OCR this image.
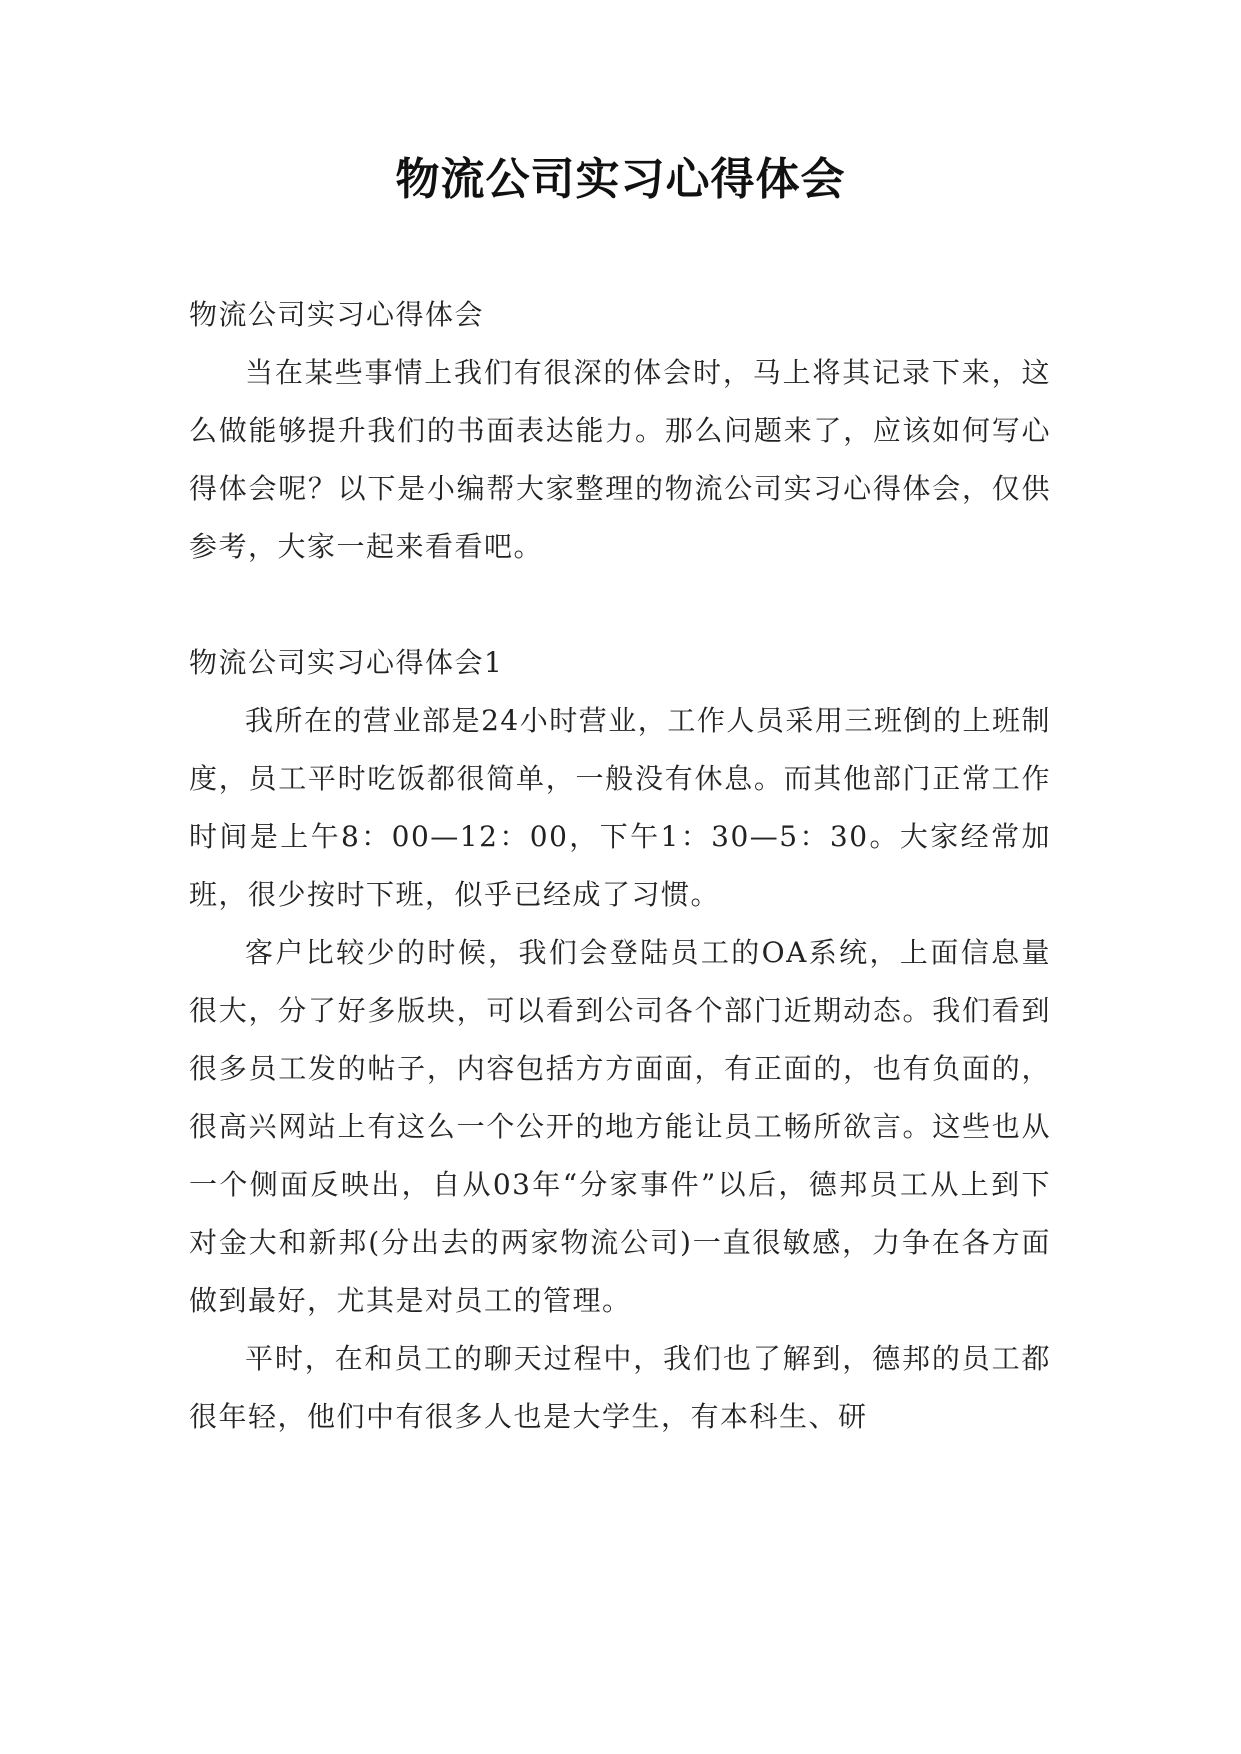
物流公司实习心得体会

物流公司实习心得体会

当在某些事情上我们有很深的体会时，马上将其记录下来，这么做能够提升我们的书面表达能力。那么问题来了，应该如何写心得体会呢？以下是小编帮大家整理的物流公司实习心得体会，仅供参考，大家一起来看看吧。

物流公司实习心得体会1

我所在的营业部是24小时营业，工作人员采用三班倒的上班制度，员工平时吃饭都很简单，一般没有休息。而其他部门正常工作时间是上午8：00—12：00，下午1：30—5：30。大家经常加班，很少按时下班，似乎已经成了习惯。

客户比较少的时候，我们会登陆员工的OA系统，上面信息量很大，分了好多版块，可以看到公司各个部门近期动态。我们看到很多员工发的帖子，内容包括方方面面，有正面的，也有负面的，很高兴网站上有这么一个公开的地方能让员工畅所欲言。这些也从一个侧面反映出，自从03年“分家事件”以后，德邦员工从上到下对金大和新邦(分出去的两家物流公司)一直很敏感，力争在各方面做到最好，尤其是对员工的管理。

平时，在和员工的聊天过程中，我们也了解到，德邦的员工都很年轻，他们中有很多人也是大学生，有本科生、研
